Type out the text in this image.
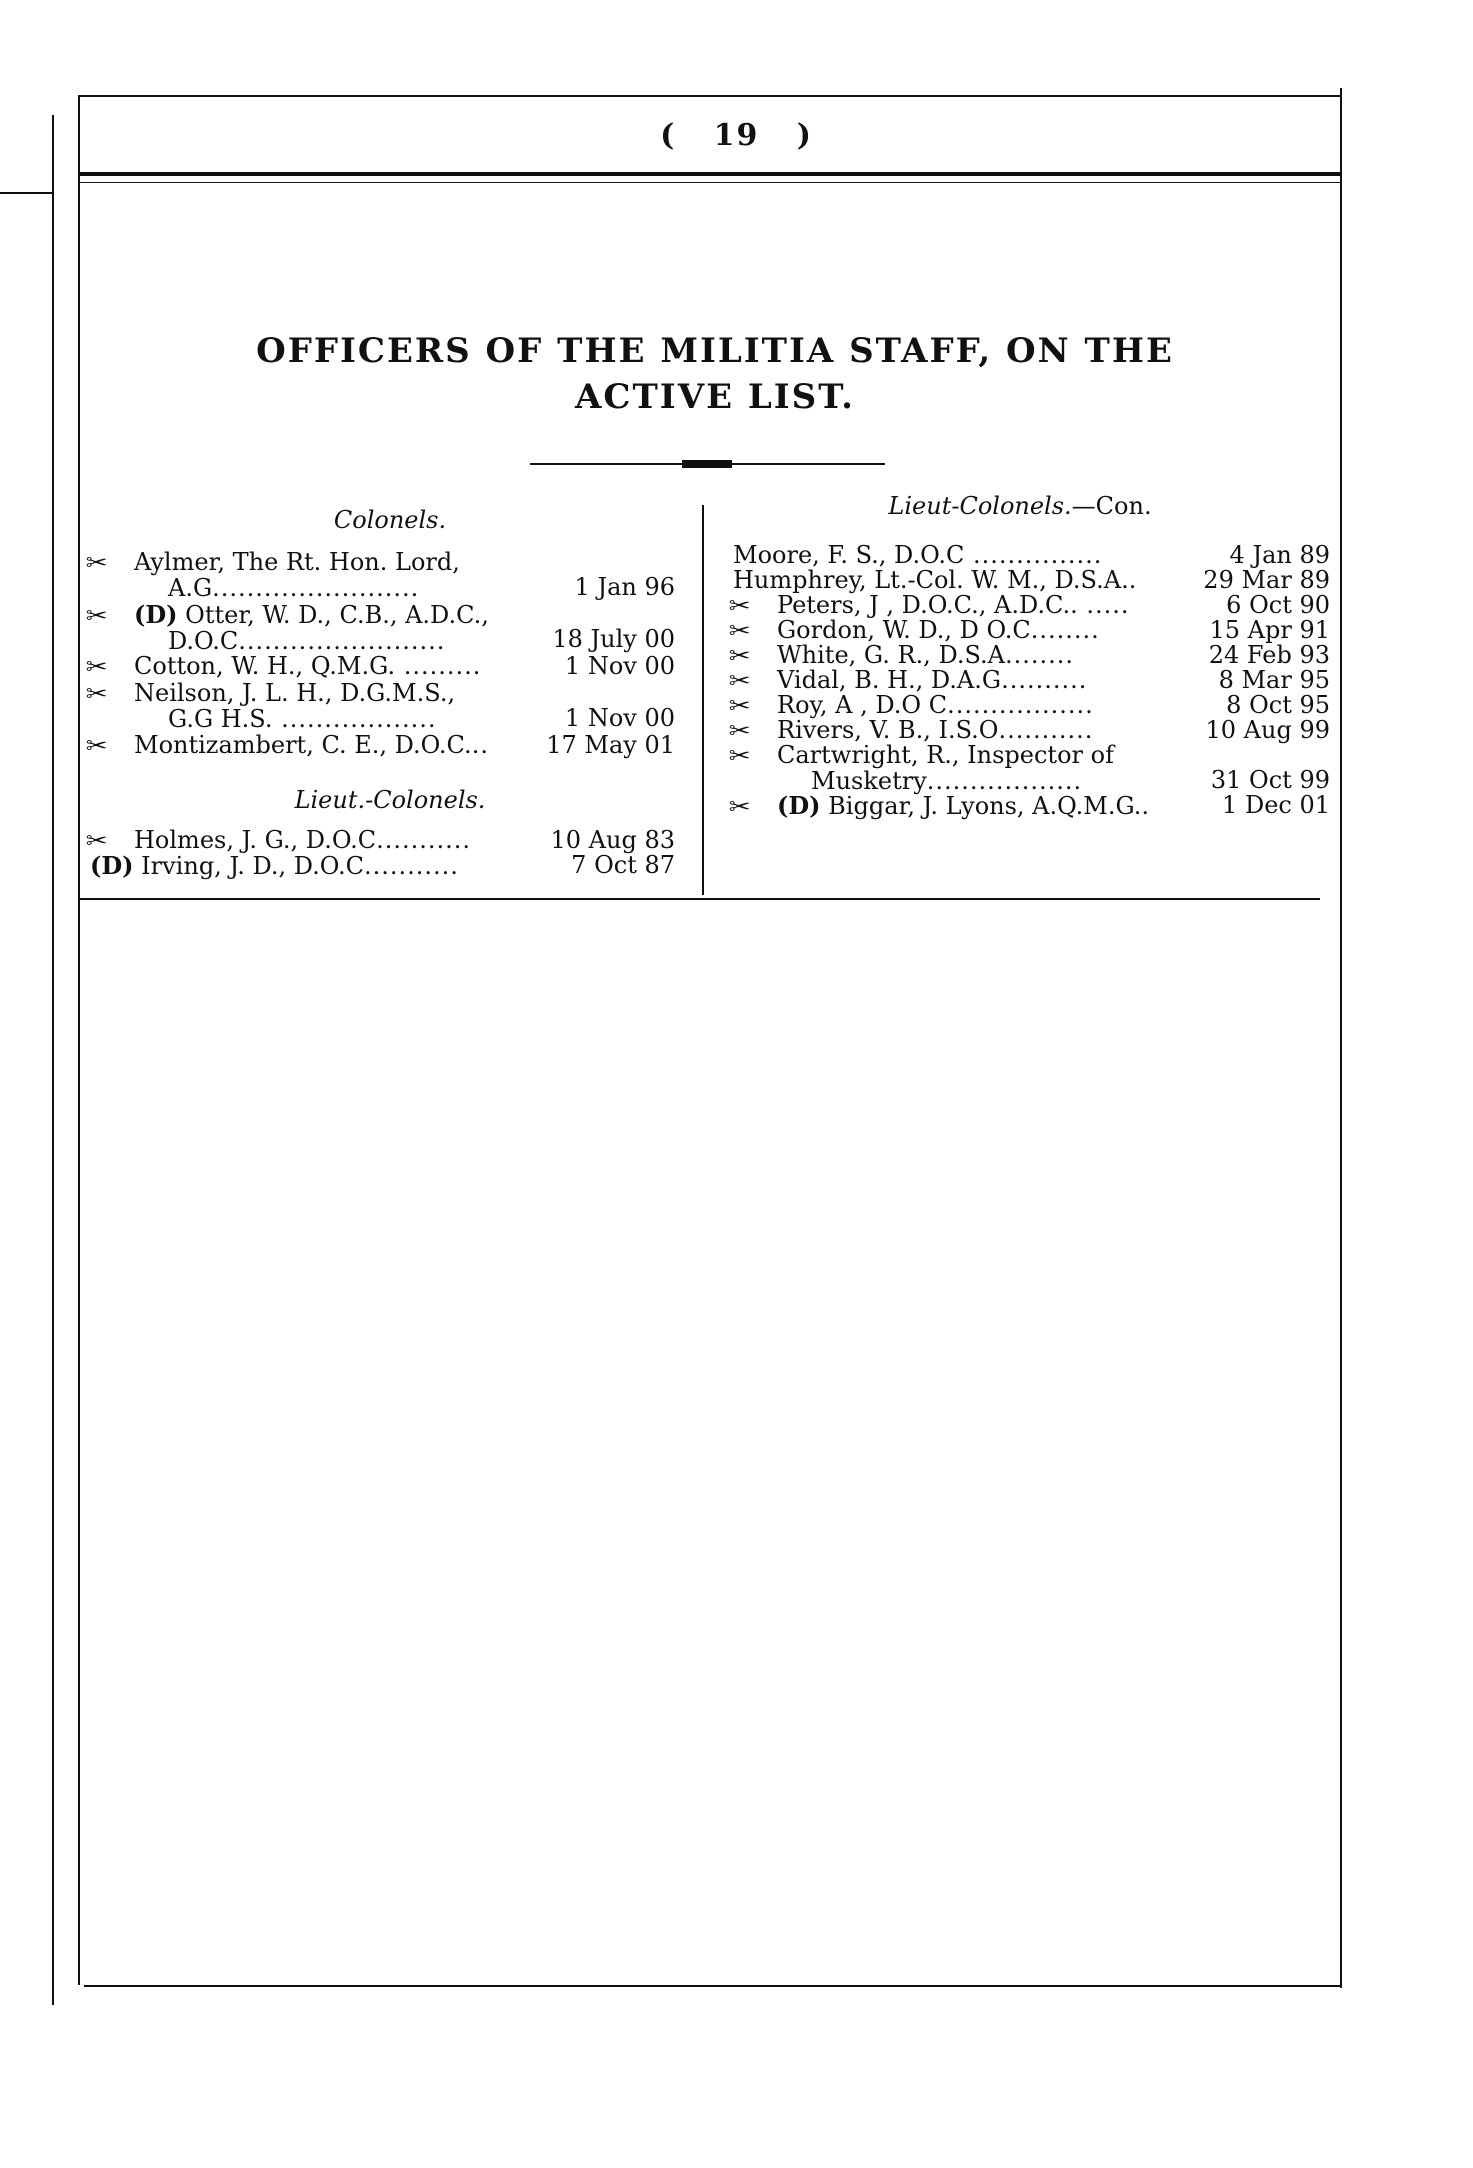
( 19 )
OFFICERS OF THE MILITIA STAFF, ON THE
ACTIVE LIST.
Colonels.
✂ Aylmer, The Rt. Hon. Lord,
A.G........................	1 Jan 96
✂ (D) Otter, W. D., C.B., A.D.C.,
D.O.C........................	18 July 00
✂ Cotton, W. H., Q.M.G. .........	1 Nov 00
✂ Neilson, J. L. H., D.G.M.S.,
G.G H.S. ..................	1 Nov 00
✂ Montizambert, C. E., D.O.C... 17 May 01
Lieut.-Colonels.
✂ Holmes, J. G., D.O.C...........	10 Aug 83
(D) Irving, J. D., D.O.C...........	7 Oct 87
Lieut-Colonels.—Con.
Moore, F. S., D.O.C ...............	4 Jan 89
Humphrey, Lt.-Col. W. M., D.S.A..	29 Mar 89
✂ Peters, J , D.O.C., A.D.C.. .....	6 Oct 90
✂ Gordon, W. D., D O.C........	15 Apr 91
✂ White, G. R., D.S.A........	24 Feb 93
✂ Vidal, B. H., D.A.G..........	8 Mar 95
✂ Roy, A , D.O C.................	8 Oct 95
✂ Rivers, V. B., I.S.O...........	10 Aug 99
✂ Cartwright, R., Inspector of
Musketry..................	31 Oct 99
✂ (D) Biggar, J. Lyons, A.Q.M.G..	1 Dec 01
